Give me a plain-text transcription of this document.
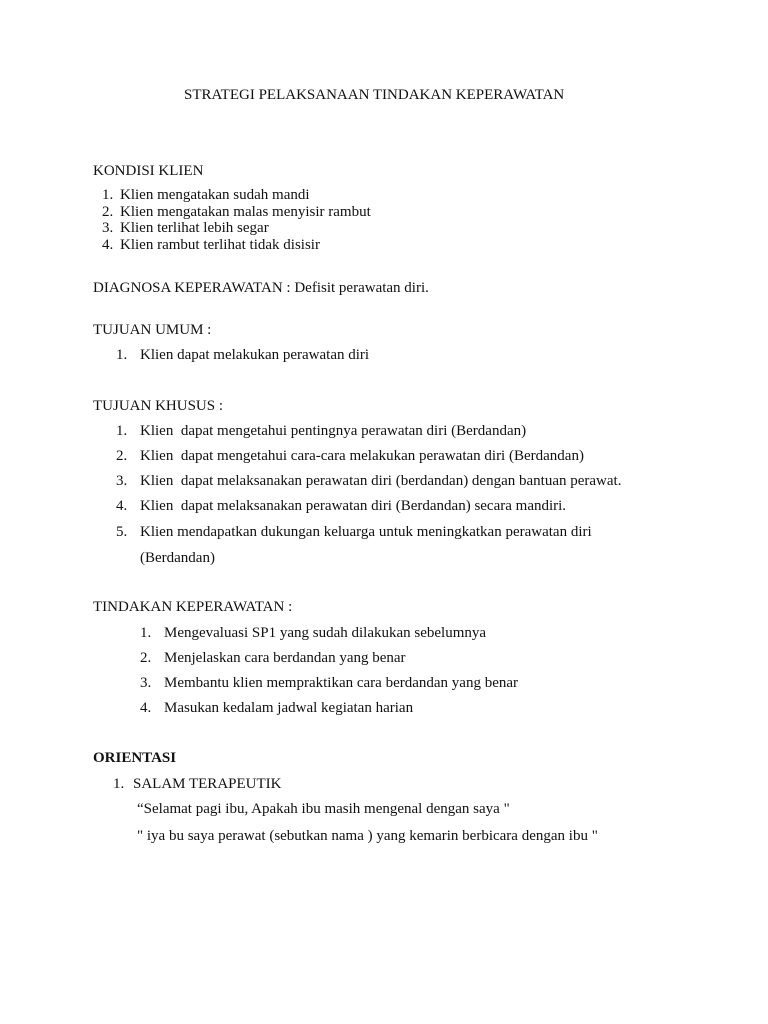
STRATEGI PELAKSANAAN TINDAKAN KEPERAWATAN
KONDISI KLIEN
1. Klien mengatakan sudah mandi
2. Klien mengatakan malas menyisir rambut
3. Klien terlihat lebih segar
4. Klien rambut terlihat tidak disisir
DIAGNOSA KEPERAWATAN : Defisit perawatan diri.
TUJUAN UMUM :
1. Klien dapat melakukan perawatan diri
TUJUAN KHUSUS :
1. Klien  dapat mengetahui pentingnya perawatan diri (Berdandan)
2. Klien  dapat mengetahui cara-cara melakukan perawatan diri (Berdandan)
3. Klien  dapat melaksanakan perawatan diri (berdandan) dengan bantuan perawat.
4. Klien  dapat melaksanakan perawatan diri (Berdandan) secara mandiri.
5. Klien mendapatkan dukungan keluarga untuk meningkatkan perawatan diri
(Berdandan)
TINDAKAN KEPERAWATAN :
1. Mengevaluasi SP1 yang sudah dilakukan sebelumnya
2. Menjelaskan cara berdandan yang benar
3. Membantu klien mempraktikan cara berdandan yang benar
4. Masukan kedalam jadwal kegiatan harian
ORIENTASI
1. SALAM TERAPEUTIK
“Selamat pagi ibu, Apakah ibu masih mengenal dengan saya "
" iya bu saya perawat (sebutkan nama ) yang kemarin berbicara dengan ibu "
